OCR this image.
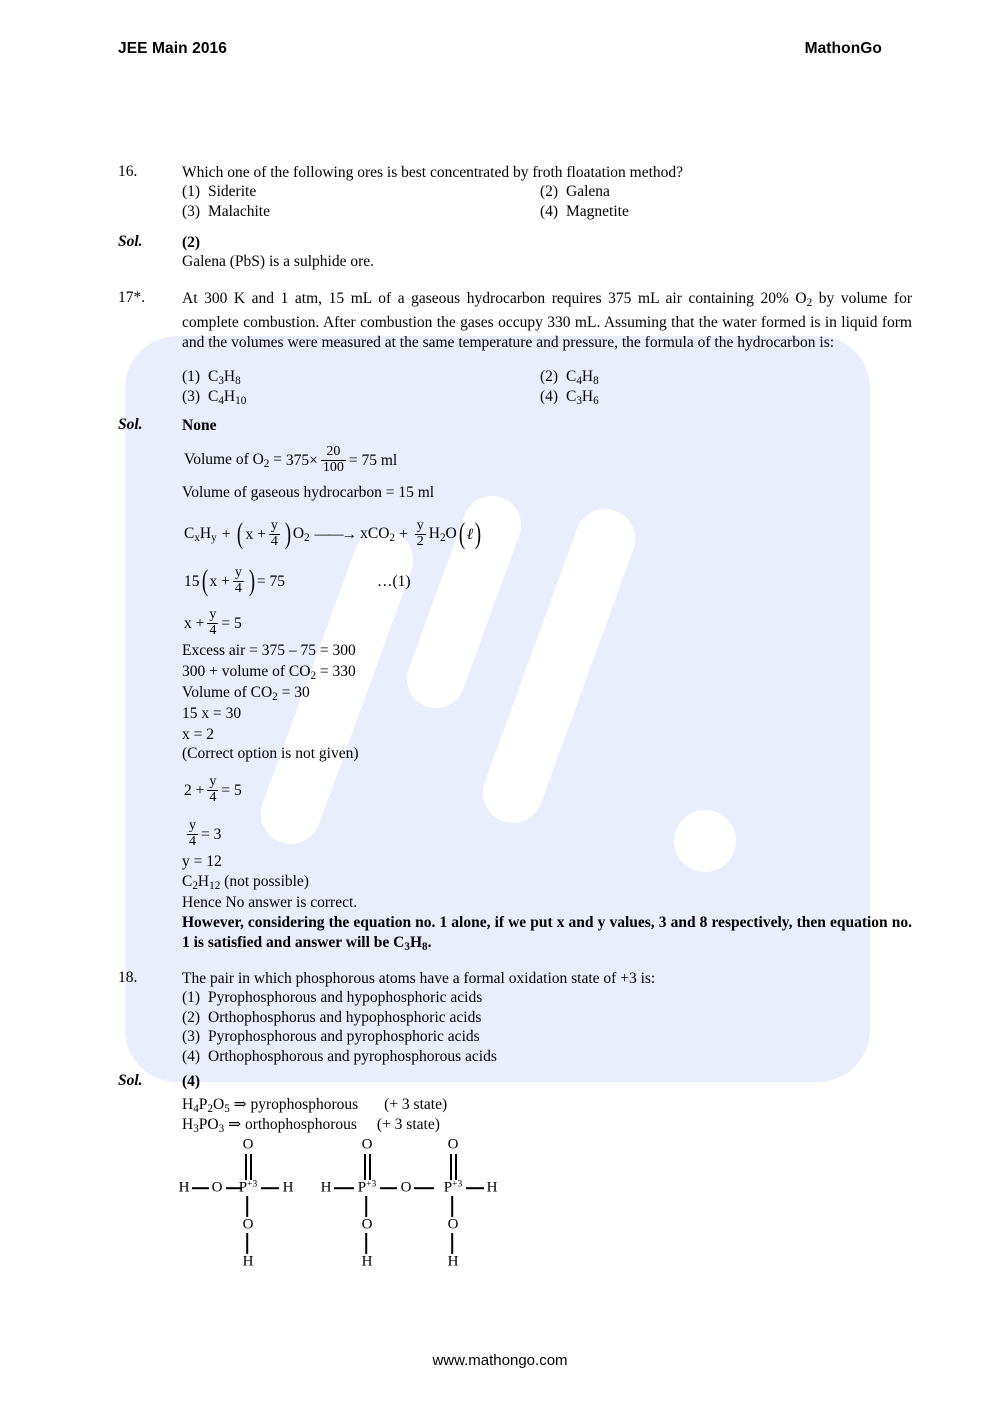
JEE Main 2016	MathonGo
16.	Which one of the following ores is best concentrated by froth floatation method?
(1) Siderite	(2) Galena
(3) Malachite	(4) Magnetite
Sol.	(2)
Galena (PbS) is a sulphide ore.
17*.	At 300 K and 1 atm, 15 mL of a gaseous hydrocarbon requires 375 mL air containing 20% $O_2$ by volume for complete combustion. After combustion the gases occupy 330 mL. Assuming that the water formed is in liquid form and the volumes were measured at the same temperature and pressure, the formula of the hydrocarbon is:
(1) $C_3H_8$	(2) $C_4H_8$
(3) $C_4H_{10}$	(4) $C_3H_6$
Sol.	None
Volume of $O_2 = 375\times \frac{20}{100} = 75$ ml
Volume of gaseous hydrocarbon = 15 ml
$C_xH_y$ + ( $x + \frac{y}{4}$ ) $O_2$ ——→ $xCO_2 + \frac{y}{2} H_2O$ ( ℓ )
15 ( $x + \frac{y}{4}$ ) = 75	…(1)
$x + \frac{y}{4} = 5$
Excess air = 375 – 75 = 300
300 + volume of $CO_2 = 330$
Volume of $CO_2 = 30$
15 x = 30
x = 2
(Correct option is not given)
$2 + \frac{y}{4} = 5$
$\frac{y}{4} = 3$
y = 12
$C_2H_{12}$ (not possible)
Hence No answer is correct.
However, considering the equation no. 1 alone, if we put x and y values, 3 and 8 respectively, then equation no. 1 is satisfied and answer will be $C_3H_8$.
18.	The pair in which phosphorous atoms have a formal oxidation state of +3 is:
(1) Pyrophosphorous and hypophosphoric acids
(2) Orthophosphorus and hypophosphoric acids
(3) Pyrophosphorous and pyrophosphoric acids
(4) Orthophosphorous and pyrophosphorous acids
Sol.	(4)
$H_4P_2O_5$ ⇒ pyrophosphorous (+ 3 state)
$H_3PO_3$ ⇒ orthophosphorous (+ 3 state)
O
H O $P^{+3}$ H
O
H
O	O
H $P^{+3}$ O $P^{+3}$ H
O
H
O
H
www.mathongo.com
